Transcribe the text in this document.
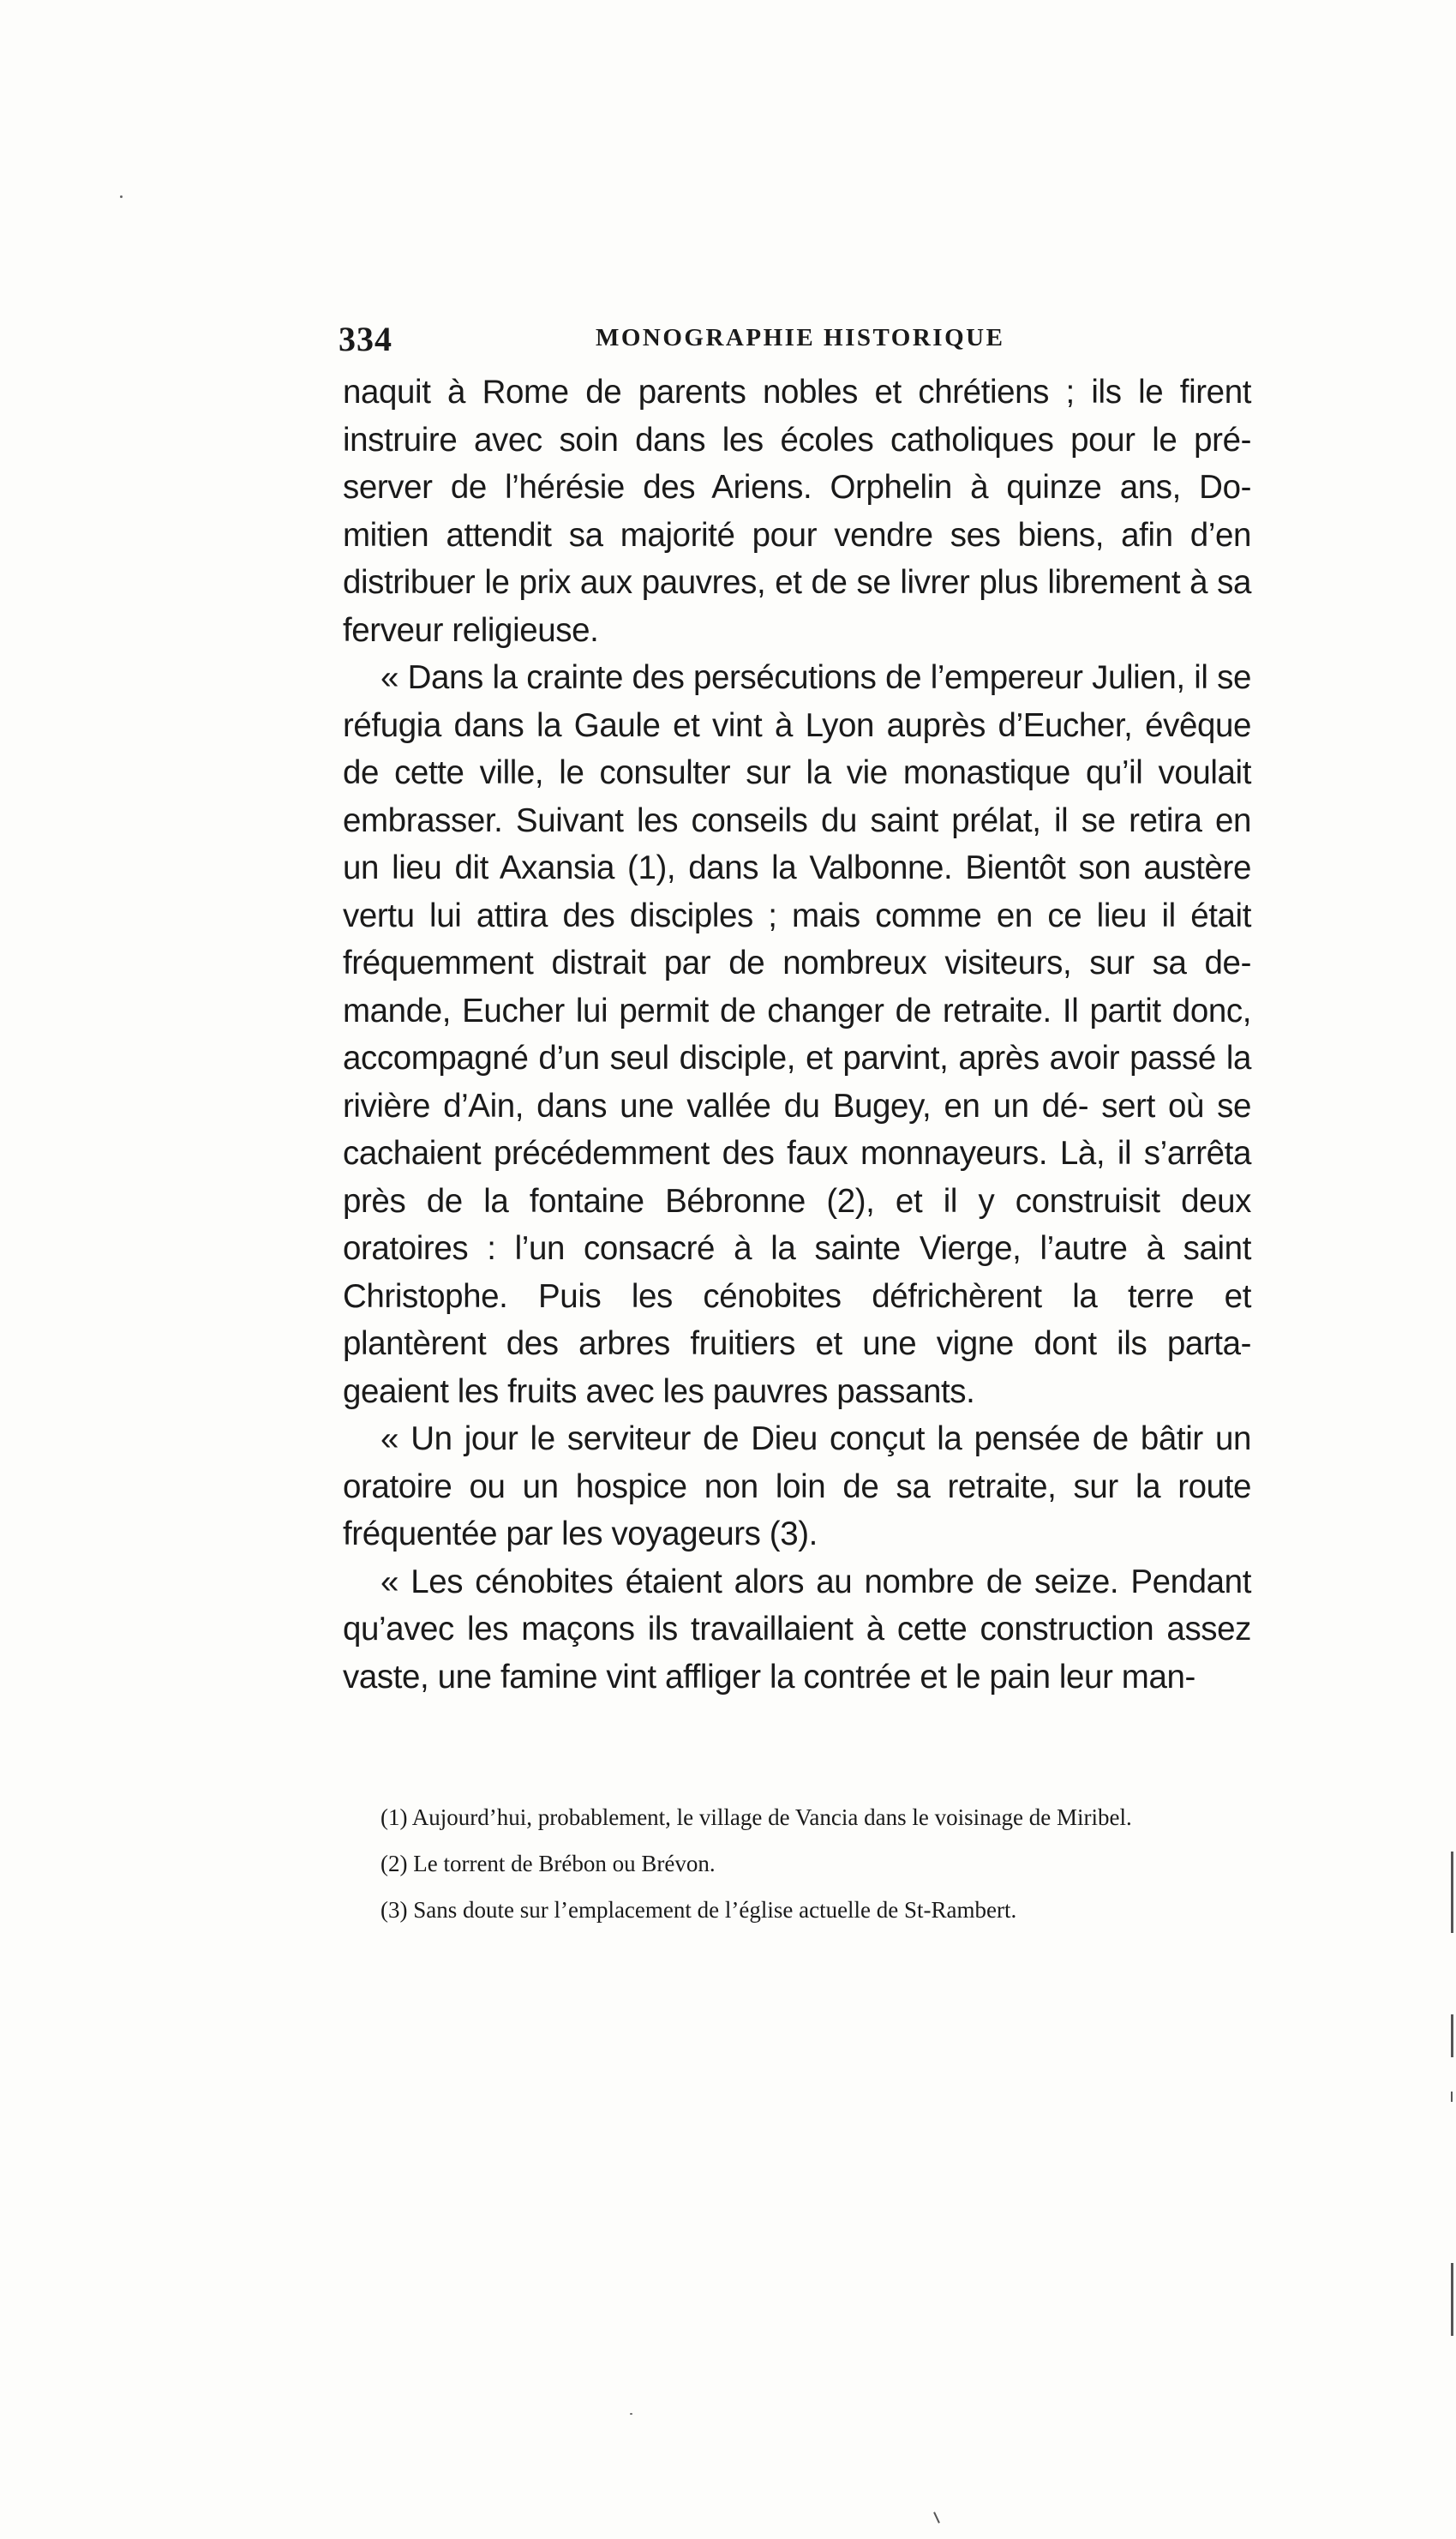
334	MONOGRAPHIE HISTORIQUE

naquit à Rome de parents nobles et chrétiens ; ils le firent instruire avec soin dans les écoles catholiques pour le pré- server de l’hérésie des Ariens. Orphelin à quinze ans, Do- mitien attendit sa majorité pour vendre ses biens, afin d’en distribuer le prix aux pauvres, et de se livrer plus librement à sa ferveur religieuse.

« Dans la crainte des persécutions de l’empereur Julien, il se réfugia dans la Gaule et vint à Lyon auprès d’Eucher, évêque de cette ville, le consulter sur la vie monastique qu’il voulait embrasser. Suivant les conseils du saint prélat, il se retira en un lieu dit Axansia (1), dans la Valbonne. Bientôt son austère vertu lui attira des disciples ; mais comme en ce lieu il était fréquemment distrait par de nombreux visiteurs, sur sa de- mande, Eucher lui permit de changer de retraite. Il partit donc, accompagné d’un seul disciple, et parvint, après avoir passé la rivière d’Ain, dans une vallée du Bugey, en un dé- sert où se cachaient précédemment des faux monnayeurs. Là, il s’arrêta près de la fontaine Bébronne (2), et il y construisit deux oratoires : l’un consacré à la sainte Vierge, l’autre à saint Christophe. Puis les cénobites défrichèrent la terre et plantèrent des arbres fruitiers et une vigne dont ils parta- geaient les fruits avec les pauvres passants.

« Un jour le serviteur de Dieu conçut la pensée de bâtir un oratoire ou un hospice non loin de sa retraite, sur la route fréquentée par les voyageurs (3).

« Les cénobites étaient alors au nombre de seize. Pendant qu’avec les maçons ils travaillaient à cette construction assez vaste, une famine vint affliger la contrée et le pain leur man-

(1) Aujourd’hui, probablement, le village de Vancia dans le voisinage de Miribel.

(2) Le torrent de Brébon ou Brévon.

(3) Sans doute sur l’emplacement de l’église actuelle de St-Rambert.
